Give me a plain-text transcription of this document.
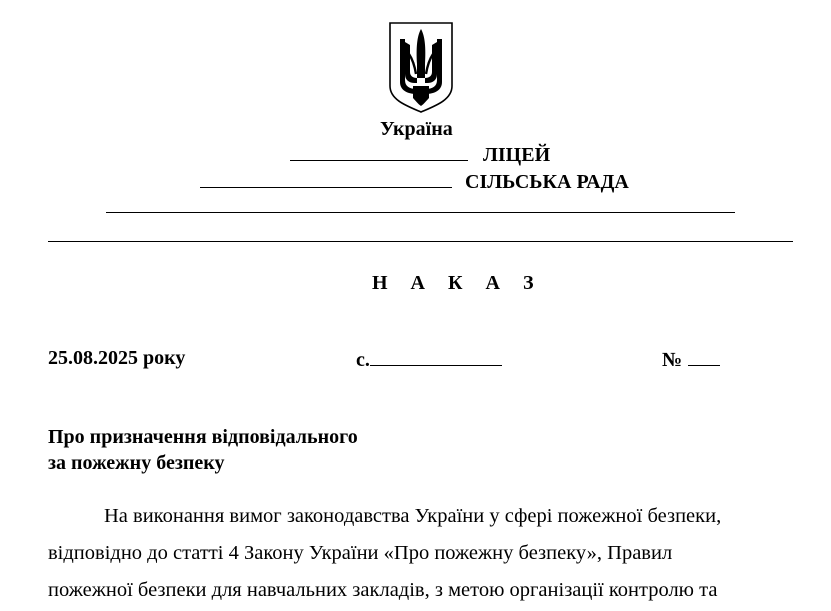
Україна
ЛІЦЕЙ
СІЛЬСЬКА РАДА
Н А К А З
25.08.2025 року	с.	№
Про призначення відповідального
за пожежну безпеку
На виконання вимог законодавства України у сфері пожежної безпеки,
відповідно до статті 4 Закону України «Про пожежну безпеку», Правил
пожежної безпеки для навчальних закладів, з метою організації контролю та
